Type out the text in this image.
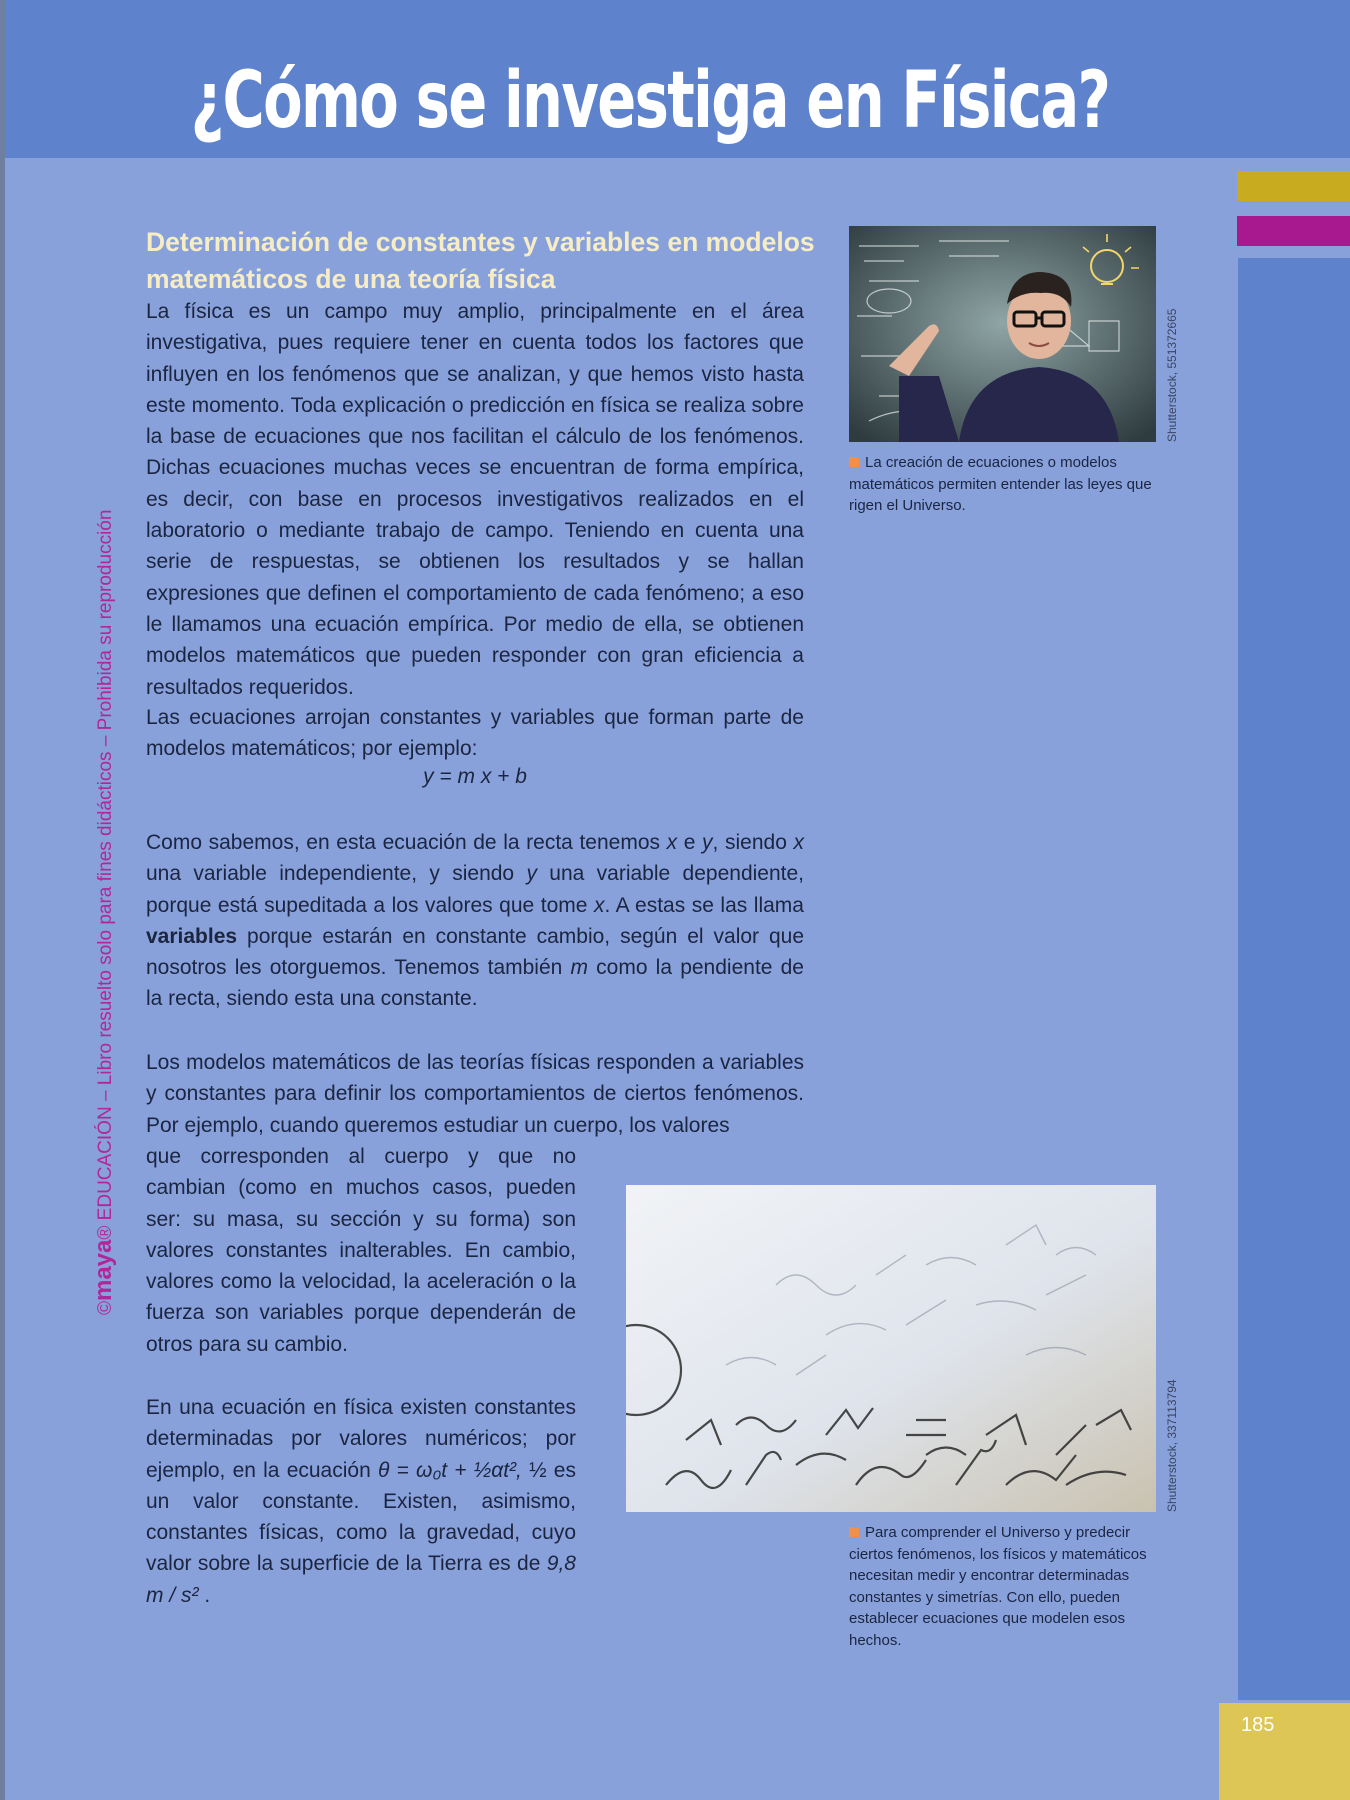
¿Cómo se investiga en Física?
185
©maya® EDUCACIÓN – Libro resuelto solo para fines didácticos – Prohibida su reproducción
Determinación de constantes y variables en modelos matemáticos de una teoría física
La física es un campo muy amplio, principalmente en el área investigativa, pues requiere tener en cuenta todos los factores que influyen en los fenómenos que se analizan, y que hemos visto hasta este momento. Toda explicación o predicción en física se realiza sobre la base de ecuaciones que nos facilitan el cálculo de los fenómenos. Dichas ecuaciones muchas veces se encuentran de forma empírica, es decir, con base en procesos investigativos realizados en el laboratorio o mediante trabajo de campo. Teniendo en cuenta una serie de respuestas, se obtienen los resultados y se hallan expresiones que definen el comportamiento de cada fenómeno; a eso le llamamos una ecuación empírica. Por medio de ella, se obtienen modelos matemáticos que pueden responder con gran eficiencia a resultados requeridos.
Las ecuaciones arrojan constantes y variables que forman parte de modelos matemáticos; por ejemplo:
y = m x + b
Como sabemos, en esta ecuación de la recta tenemos x e y, siendo x una variable independiente, y siendo y una variable dependiente, porque está supeditada a los valores que tome x. A estas se las llama variables porque estarán en constante cambio, según el valor que nosotros les otorguemos. Tenemos también m como la pendiente de la recta, siendo esta una constante.
Los modelos matemáticos de las teorías físicas responden a variables y constantes para definir los comportamientos de ciertos fenómenos. Por ejemplo, cuando queremos estudiar un cuerpo, los valores
que corresponden al cuerpo y que no cambian (como en muchos casos, pueden ser: su masa, su sección y su forma) son valores constantes inalterables. En cambio, valores como la velocidad, la aceleración o la fuerza son variables porque dependerán de otros para su cambio.
En una ecuación en física existen constantes determinadas por valores numéricos; por ejemplo, en la ecuación θ = ω₀t + ½αt², ½ es un valor constante. Existen, asimismo, constantes físicas, como la gravedad, cuyo valor sobre la superficie de la Tierra es de 9,8 m / s² .
Shutterstock, 551372665
La creación de ecuaciones o modelos matemáticos permiten entender las leyes que rigen el Universo.
Shutterstock, 337113794
Para comprender el Universo y predecir ciertos fenómenos, los físicos y matemáticos necesitan medir y encontrar determinadas constantes y simetrías. Con ello, pueden establecer ecuaciones que modelen esos hechos.
